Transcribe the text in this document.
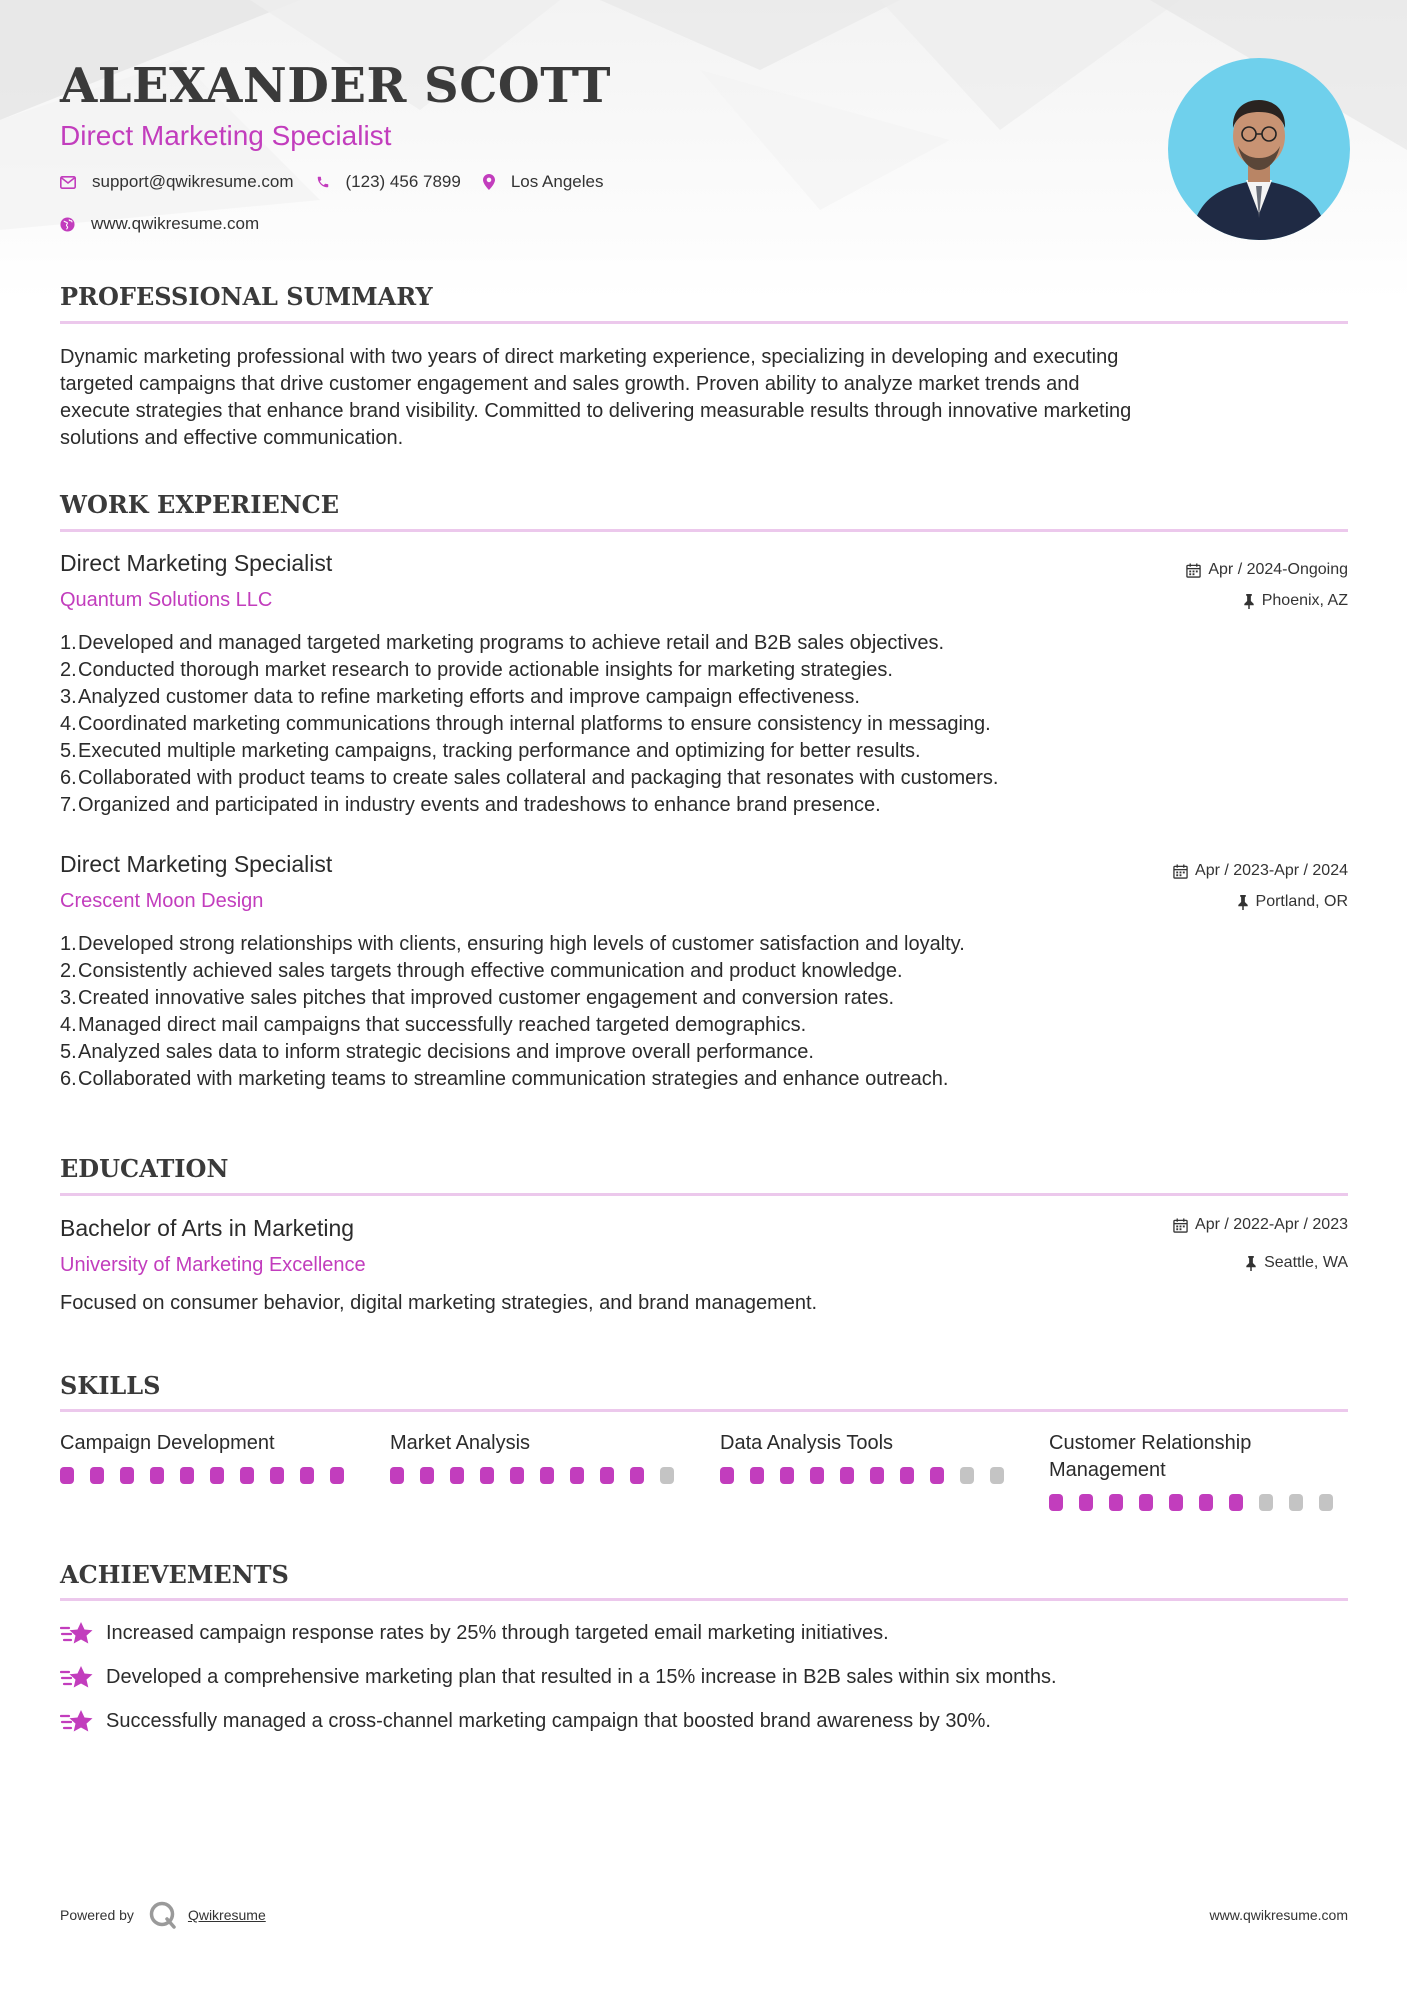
ALEXANDER SCOTT
Direct Marketing Specialist
support@qwikresume.com	(123) 456 7899	Los Angeles
www.qwikresume.com
PROFESSIONAL SUMMARY
Dynamic marketing professional with two years of direct marketing experience, specializing in developing and executing
targeted campaigns that drive customer engagement and sales growth. Proven ability to analyze market trends and
execute strategies that enhance brand visibility. Committed to delivering measurable results through innovative marketing
solutions and effective communication.
WORK EXPERIENCE
Direct Marketing Specialist
Quantum Solutions LLC
Apr / 2024-Ongoing
Phoenix, AZ
1. Developed and managed targeted marketing programs to achieve retail and B2B sales objectives.
2. Conducted thorough market research to provide actionable insights for marketing strategies.
3. Analyzed customer data to refine marketing efforts and improve campaign effectiveness.
4. Coordinated marketing communications through internal platforms to ensure consistency in messaging.
5. Executed multiple marketing campaigns, tracking performance and optimizing for better results.
6. Collaborated with product teams to create sales collateral and packaging that resonates with customers.
7. Organized and participated in industry events and tradeshows to enhance brand presence.
Direct Marketing Specialist
Crescent Moon Design
Apr / 2023-Apr / 2024
Portland, OR
1. Developed strong relationships with clients, ensuring high levels of customer satisfaction and loyalty.
2. Consistently achieved sales targets through effective communication and product knowledge.
3. Created innovative sales pitches that improved customer engagement and conversion rates.
4. Managed direct mail campaigns that successfully reached targeted demographics.
5. Analyzed sales data to inform strategic decisions and improve overall performance.
6. Collaborated with marketing teams to streamline communication strategies and enhance outreach.
EDUCATION
Bachelor of Arts in Marketing
University of Marketing Excellence
Apr / 2022-Apr / 2023
Seattle, WA
Focused on consumer behavior, digital marketing strategies, and brand management.
SKILLS
Campaign Development	Market Analysis	Data Analysis Tools	Customer Relationship
Management
ACHIEVEMENTS
Increased campaign response rates by 25% through targeted email marketing initiatives.
Developed a comprehensive marketing plan that resulted in a 15% increase in B2B sales within six months.
Successfully managed a cross-channel marketing campaign that boosted brand awareness by 30%.
Powered by	Qwikresume	www.qwikresume.com
